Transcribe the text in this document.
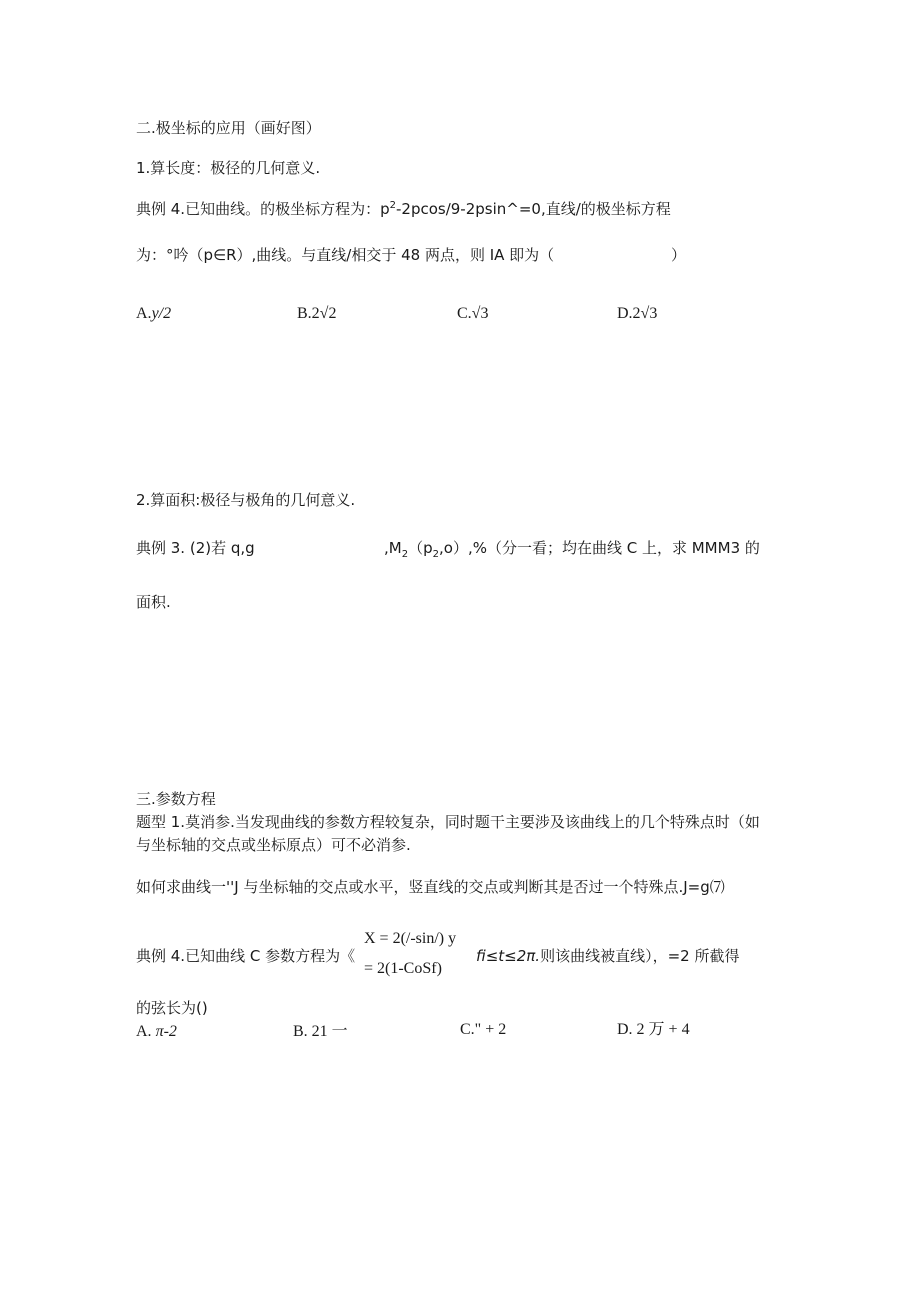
二.极坐标的应用（画好图）
1.算长度：极径的几何意义.
典例 4.已知曲线。的极坐标方程为：$p^2-2pcos∕9-2psin\^{}=0$,直线/的极坐标方程
为：°吟（p∈R）,曲线。与直线/相交于 48 两点，则 IA 即为（	）
A.y/2	B.2√2	C.√3	D.2√3
2.算面积:极径与极角的几何意义.
典例 3. (2)若 q,g	$,M_2(p_2,o),\%$（分一看；均在曲线 C 上，求 MMM3 的
面积.
三.参数方程
题型 1.莫消参.当发现曲线的参数方程较复杂，同时题干主要涉及该曲线上的几个特殊点时（如
与坐标轴的交点或坐标原点）可不必消参.
如何求曲线一''J 与坐标轴的交点或水平，竖直线的交点或判断其是否过一个特殊点.J=g⑺
典例 4.已知曲线 C 参数方程为《
X = 2(/-sin/) y
= 2(1-CoSf)
fi≤t≤2π.则该曲线被直线），=2 所截得
的弦长为()
A. π-2	B. 21 一	C." + 2	D. 2 万 + 4
